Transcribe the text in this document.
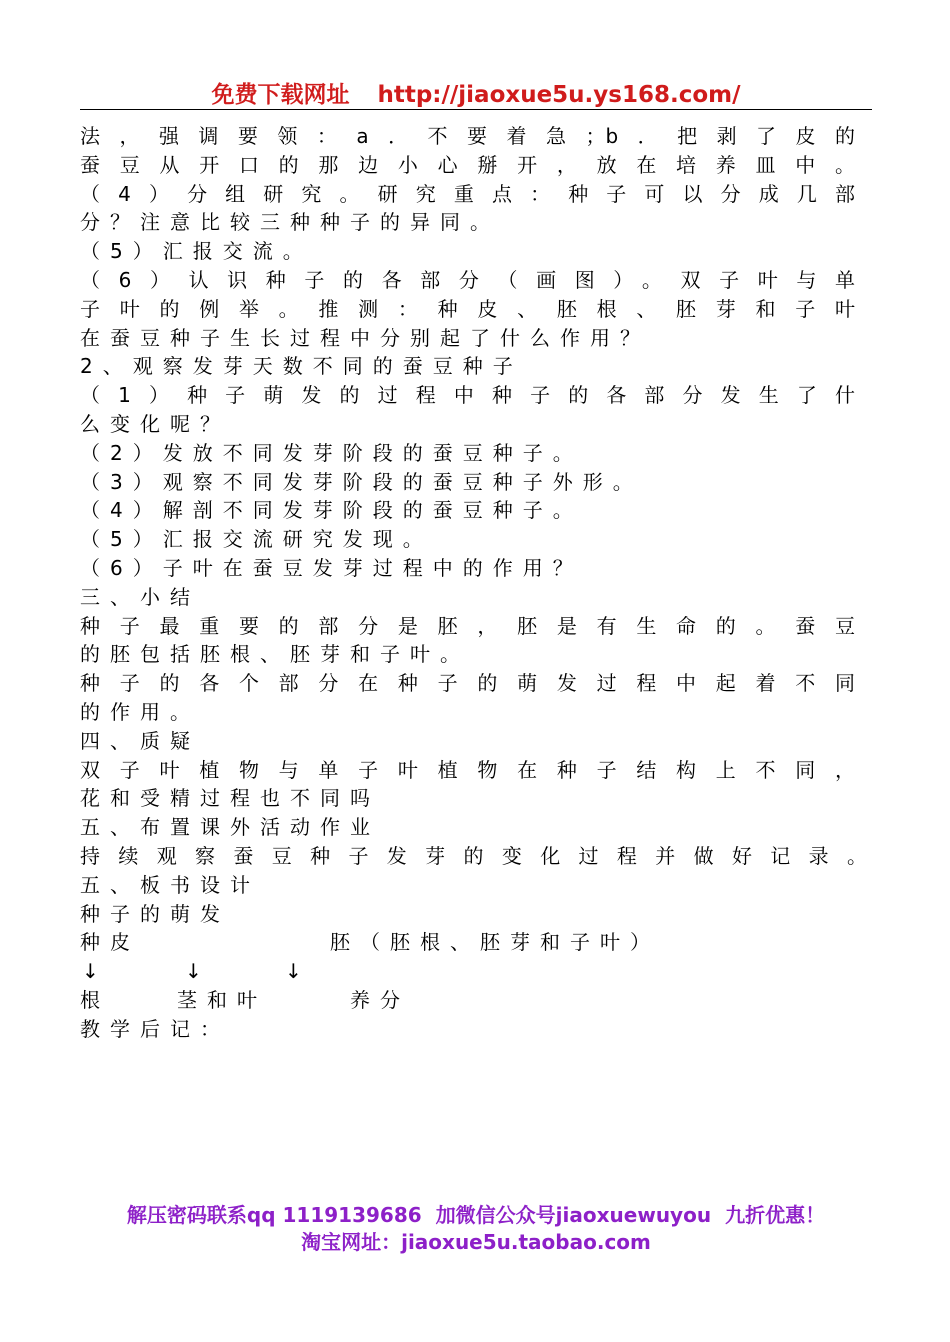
免费下载网址 http://jiaoxue5u.ys168.com/
法，强调要领：a．不要着急；b．把剥了皮的
蚕豆从开口的那边小心掰开，放在培养皿中。
（4）分组研究。研究重点：种子可以分成几部
分？注意比较三种种子的异同。
（5）汇报交流。
（6）认识种子的各部分（画图）。双子叶与单
子叶的例举。推测：种皮、胚根、胚芽和子叶
在蚕豆种子生长过程中分别起了什么作用？
2、观察发芽天数不同的蚕豆种子
（1）种子萌发的过程中种子的各部分发生了什
么变化呢？
（2）发放不同发芽阶段的蚕豆种子。
（3）观察不同发芽阶段的蚕豆种子外形。
（4）解剖不同发芽阶段的蚕豆种子。
（5）汇报交流研究发现。
（6）子叶在蚕豆发芽过程中的作用？
三、小结
种子最重要的部分是胚，胚是有生命的。蚕豆
的胚包括胚根、胚芽和子叶。
种子的各个部分在种子的萌发过程中起着不同
的作用。
四、质疑
双子叶植物与单子叶植物在种子结构上不同，
花和受精过程也不同吗
五、布置课外活动作业
持续观察蚕豆种子发芽的变化过程并做好记录。
五、板书设计
种子的萌发
种皮	胚（胚根、胚芽和子叶）
↓	↓	↓
根	茎和叶	养分
教学后记：
解压密码联系qq 1119139686 加微信公众号jiaoxuewuyou 九折优惠！
淘宝网址：jiaoxue5u.taobao.com
